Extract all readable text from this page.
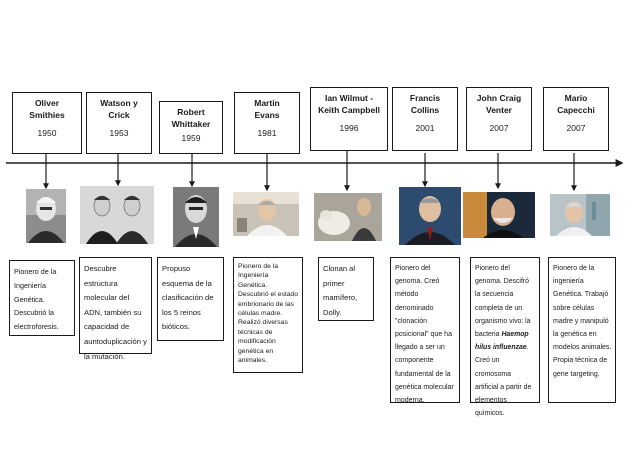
Oliver
Smithies
1950
Watson y
Crick
1953
Robert
Whittaker
1959
Martin
Evans
1981
Ian Wilmut -
Keith Campbell
1996
Francis
Collins
2001
John Craig
Venter
2007
Mario
Capecchi
2007
Pionero de la Ingeniería Genética. Descubrió la electroforesis.
Descubre estructura molecular del ADN, también su capacidad de auntoduplicación y la mutación.
Propuso esquema de la clasificación de los 5 reinos bióticos.
Pionero de la Ingeniería Genética. Descubrió el estado embrionario de las células madre. Realizó diversas técnicas de modificación genética en animales.
Clonan al primer mamífero, Dolly.
Pionero del genoma. Creó método denominado "clonación posicional" que ha llegado a ser un componente fundamental de la genética molecular moderna.
Pionero del genoma. Descifró la secuencia completa de un organismo vivo: la bacteria Haemop hilus influenzae. Creó un cromosoma artificial a partir de elementos químicos.
Pionero de la ingeniería Genética. Trabajó sobre células madre y manipuló la genética en modelos animales. Propia técnica de gene targeting.
